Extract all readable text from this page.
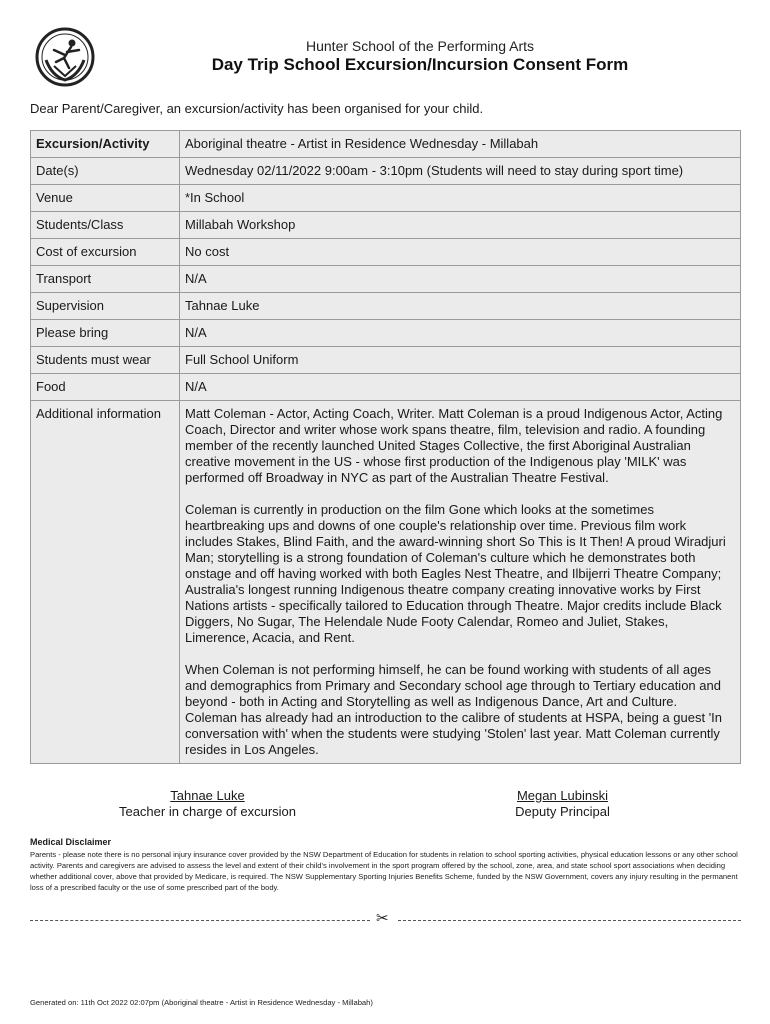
Hunter School of the Performing Arts
Day Trip School Excursion/Incursion Consent Form
Dear Parent/Caregiver, an excursion/activity has been organised for your child.
Excursion/Activity	Aboriginal theatre - Artist in Residence Wednesday - Millabah
Date(s)	Wednesday 02/11/2022 9:00am - 3:10pm (Students will need to stay during sport time)
Venue	*In School
Students/Class	Millabah Workshop
Cost of excursion	No cost
Transport	N/A
Supervision	Tahnae Luke
Please bring	N/A
Students must wear	Full School Uniform
Food	N/A
Additional information	Matt Coleman - Actor, Acting Coach, Writer. Matt Coleman is a proud Indigenous Actor, Acting Coach, Director and writer whose work spans theatre, film, television and radio. A founding member of the recently launched United Stages Collective, the first Aboriginal Australian creative movement in the US - whose first production of the Indigenous play 'MILK' was performed off Broadway in NYC as part of the Australian Theatre Festival.

Coleman is currently in production on the film Gone which looks at the sometimes heartbreaking ups and downs of one couple's relationship over time. Previous film work includes Stakes, Blind Faith, and the award-winning short So This is It Then! A proud Wiradjuri Man; storytelling is a strong foundation of Coleman's culture which he demonstrates both onstage and off having worked with both Eagles Nest Theatre, and Ilbijerri Theatre Company; Australia's longest running Indigenous theatre company creating innovative works by First Nations artists - specifically tailored to Education through Theatre. Major credits include Black Diggers, No Sugar, The Helendale Nude Footy Calendar, Romeo and Juliet, Stakes, Limerence, Acacia, and Rent.

When Coleman is not performing himself, he can be found working with students of all ages and demographics from Primary and Secondary school age through to Tertiary education and beyond - both in Acting and Storytelling as well as Indigenous Dance, Art and Culture.

Coleman has already had an introduction to the calibre of students at HSPA, being a guest 'In conversation with' when the students were studying 'Stolen' last year. Matt Coleman currently resides in Los Angeles.

Tahnae Luke
Teacher in charge of excursion
Megan Lubinski
Deputy Principal
Medical Disclaimer
Parents - please note there is no personal injury insurance cover provided by the NSW Department of Education for students in relation to school sporting activities, physical education lessons or any other school activity. Parents and caregivers are advised to assess the level and extent of their child's involvement in the sport program offered by the school, zone, area, and state school sport associations when deciding whether additional cover, above that provided by Medicare, is required. The NSW Supplementary Sporting Injuries Benefits Scheme, funded by the NSW Government, covers any injury resulting in the permanent loss of a prescribed faculty or the use of some prescribed part of the body.
✂
Generated on: 11th Oct 2022 02:07pm (Aboriginal theatre - Artist in Residence Wednesday - Millabah)
